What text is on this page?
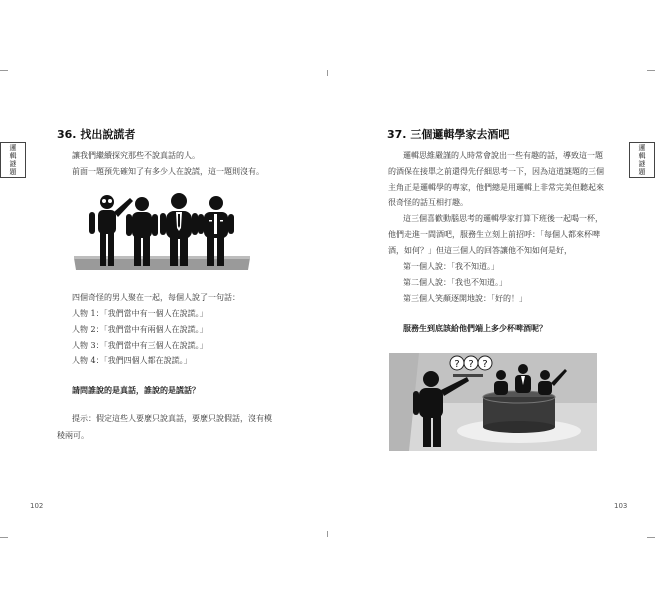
邏輯謎題
36. 找出說謊者
讓我們繼續探究那些不說真話的人。
前面一題預先確知了有多少人在說謊，這一題則沒有。
四個奇怪的男人聚在一起，每個人說了一句話：
人物 1：「我們當中有一個人在說謊。」
人物 2：「我們當中有兩個人在說謊。」
人物 3：「我們當中有三個人在說謊。」
人物 4：「我們四個人都在說謊。」
請問誰說的是真話，誰說的是謊話？
提示：假定這些人要麼只說真話，要麼只說假話，沒有模
稜兩可。
102
邏輯謎題
37. 三個邏輯學家去酒吧
邏輯思維嚴謹的人時常會說出一些有趣的話，導致這一題
的酒保在接單之前還得先仔細思考一下，因為這道謎題的三個
主角正是邏輯學的專家，他們總是用邏輯上非常完美但聽起來
很奇怪的話互相打趣。
這三個喜歡動腦思考的邏輯學家打算下班後一起喝一杯，
他們走進一間酒吧，服務生立刻上前招呼：「每個人都來杯啤
酒，如何？」但這三個人的回答讓他不知如何是好，
第一個人說：「我不知道。」
第二個人說：「我也不知道。」
第三個人笑顏逐開地說：「好的！」
服務生到底該給他們端上多少杯啤酒呢？
? ? ?
103
